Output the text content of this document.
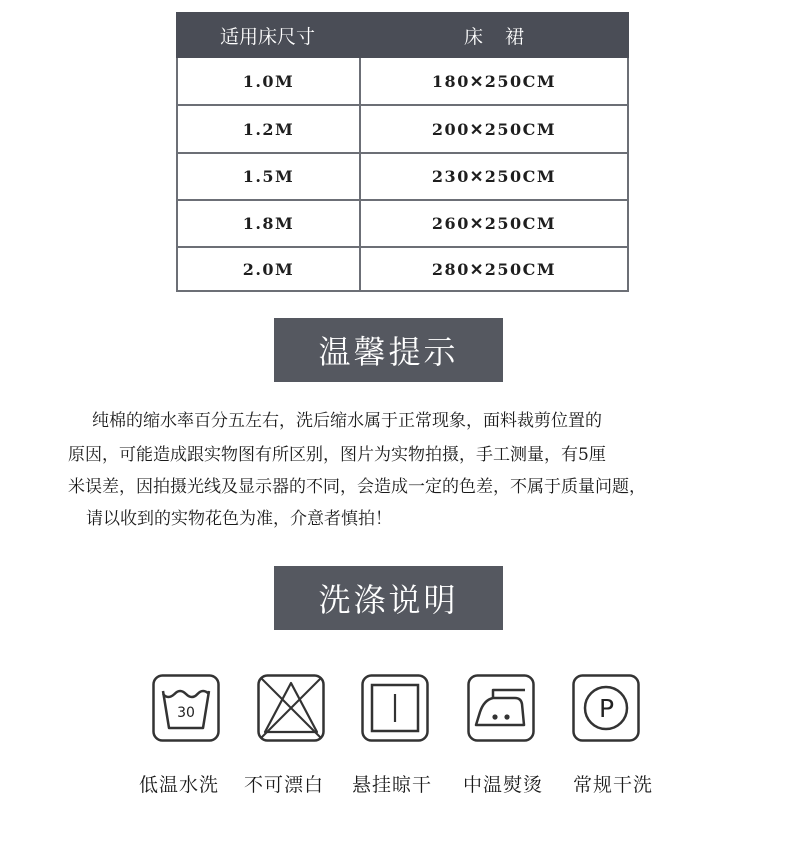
适用床尺寸	床 裙
1.0M	180✕250CM
1.2M	200✕250CM
1.5M	230✕250CM
1.8M	260✕250CM
2.0M	280✕250CM
温馨提示
纯棉的缩水率百分五左右，洗后缩水属于正常现象，面料裁剪位置的
原因，可能造成跟实物图有所区别，图片为实物拍摄，手工测量，有5厘
米误差，因拍摄光线及显示器的不同，会造成一定的色差，不属于质量问题，
请以收到的实物花色为准，介意者慎拍！
洗涤说明
30	P
低温水洗 不可漂白 悬挂晾干 中温熨烫 常规干洗
